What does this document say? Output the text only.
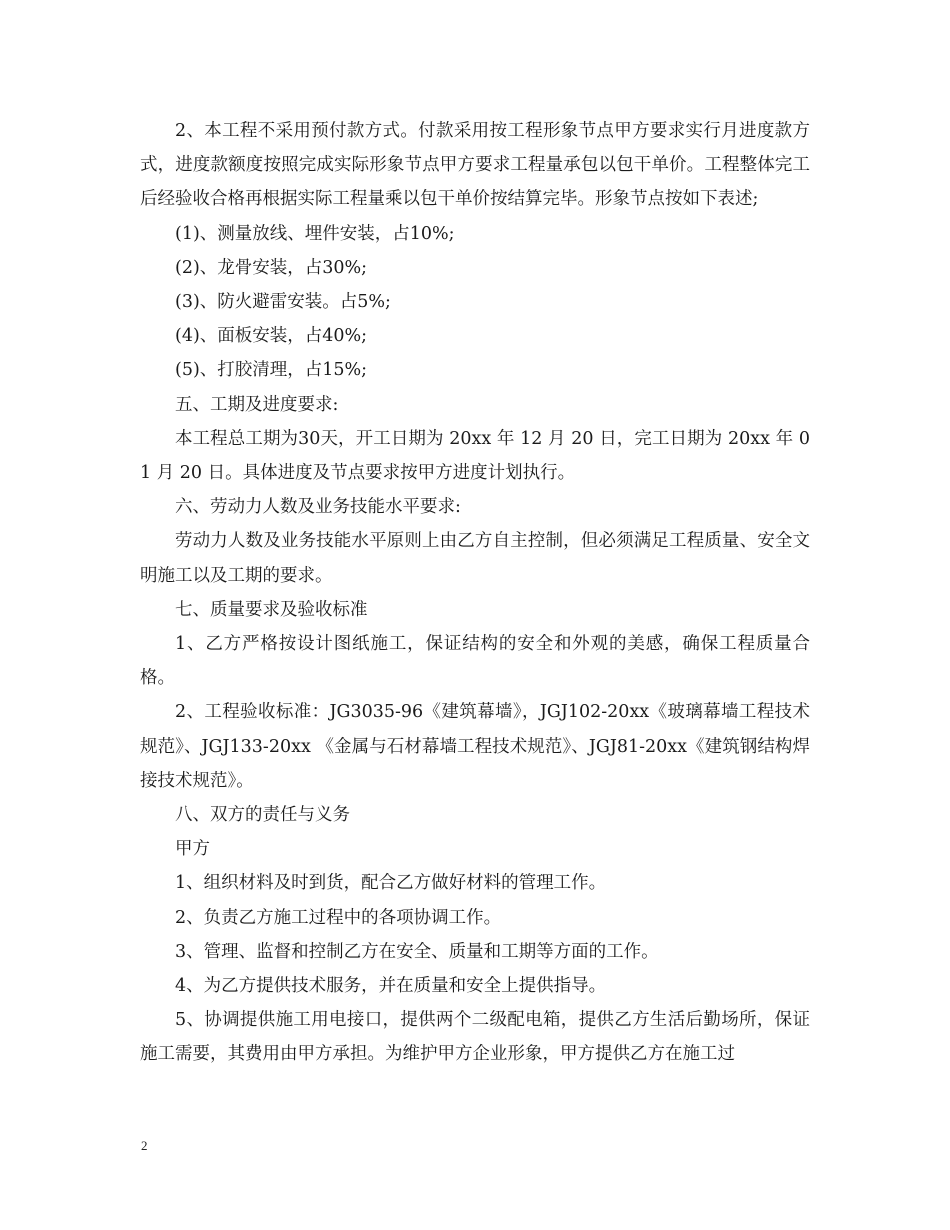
2、本工程不采用预付款方式。付款采用按工程形象节点甲方要求实行月进度款方式，进度款额度按照完成实际形象节点甲方要求工程量承包以包干单价。工程整体完工后经验收合格再根据实际工程量乘以包干单价按结算完毕。形象节点按如下表述;

(1)、测量放线、埋件安装，占10%;

(2)、龙骨安装，占30%;

(3)、防火避雷安装。占5%;

(4)、面板安装，占40%;

(5)、打胶清理，占15%;

五、工期及进度要求:

本工程总工期为30天，开工日期为 20xx 年 12 月 20 日，完工日期为 20xx 年 01 月 20 日。具体进度及节点要求按甲方进度计划执行。

六、劳动力人数及业务技能水平要求:

劳动力人数及业务技能水平原则上由乙方自主控制，但必须满足工程质量、安全文明施工以及工期的要求。

七、质量要求及验收标准

1、乙方严格按设计图纸施工，保证结构的安全和外观的美感，确保工程质量合格。

2、工程验收标准：JG3035-96《建筑幕墙》，JGJ102-20xx《玻璃幕墙工程技术规范》、JGJ133-20xx 《金属与石材幕墙工程技术规范》、JGJ81-20xx《建筑钢结构焊接技术规范》。

八、双方的责任与义务

甲方

1、组织材料及时到货，配合乙方做好材料的管理工作。

2、负责乙方施工过程中的各项协调工作。

3、管理、监督和控制乙方在安全、质量和工期等方面的工作。

4、为乙方提供技术服务，并在质量和安全上提供指导。

5、协调提供施工用电接口，提供两个二级配电箱，提供乙方生活后勤场所，保证施工需要，其费用由甲方承担。为维护甲方企业形象，甲方提供乙方在施工过

2
